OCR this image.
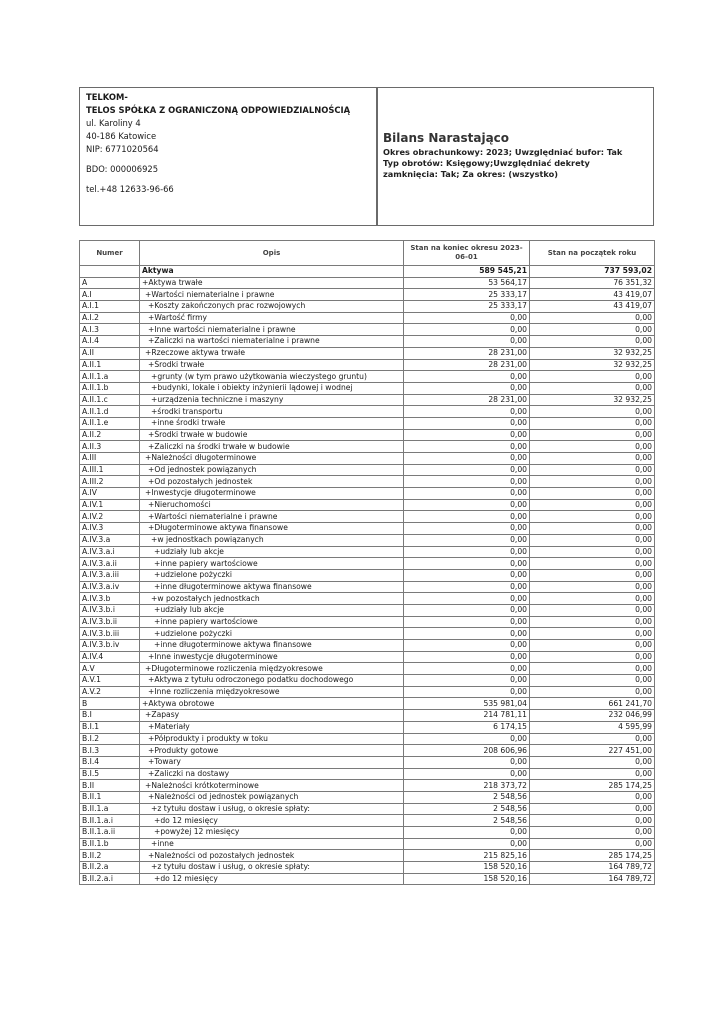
TELKOM-
TELOS SPÓŁKA Z OGRANICZONĄ ODPOWIEDZIALNOŚCIĄ
ul. Karoliny 4
40-186 Katowice
NIP: 6771020564
BDO: 000006925
tel.+48 12633-96-66
Bilans Narastająco
Okres obrachunkowy: 2023; Uwzględniać bufor: Tak
Typ obrotów: Księgowy;Uwzględniać dekrety
zamknięcia: Tak; Za okres: (wszystko)
Numer	Opis	Stan na koniec okresu 2023-06-01	Stan na początek roku
	Aktywa	589 545,21	737 593,02
A	+Aktywa trwałe	53 564,17	76 351,32
A.I	+Wartości niematerialne i prawne	25 333,17	43 419,07
A.I.1	+Koszty zakończonych prac rozwojowych	25 333,17	43 419,07
A.I.2	+Wartość firmy	0,00	0,00
A.I.3	+Inne wartości niematerialne i prawne	0,00	0,00
A.I.4	+Zaliczki na wartości niematerialne i prawne	0,00	0,00
A.II	+Rzeczowe aktywa trwałe	28 231,00	32 932,25
A.II.1	+Środki trwałe	28 231,00	32 932,25
A.II.1.a	+grunty (w tym prawo użytkowania wieczystego gruntu)	0,00	0,00
A.II.1.b	+budynki, lokale i obiekty inżynierii lądowej i wodnej	0,00	0,00
A.II.1.c	+urządzenia techniczne i maszyny	28 231,00	32 932,25
A.II.1.d	+środki transportu	0,00	0,00
A.II.1.e	+inne środki trwałe	0,00	0,00
A.II.2	+Środki trwałe w budowie	0,00	0,00
A.II.3	+Zaliczki na środki trwałe w budowie	0,00	0,00
A.III	+Należności długoterminowe	0,00	0,00
A.III.1	+Od jednostek powiązanych	0,00	0,00
A.III.2	+Od pozostałych jednostek	0,00	0,00
A.IV	+Inwestycje długoterminowe	0,00	0,00
A.IV.1	+Nieruchomości	0,00	0,00
A.IV.2	+Wartości niematerialne i prawne	0,00	0,00
A.IV.3	+Długoterminowe aktywa finansowe	0,00	0,00
A.IV.3.a	+w jednostkach powiązanych	0,00	0,00
A.IV.3.a.i	+udziały lub akcje	0,00	0,00
A.IV.3.a.ii	+inne papiery wartościowe	0,00	0,00
A.IV.3.a.iii	+udzielone pożyczki	0,00	0,00
A.IV.3.a.iv	+inne długoterminowe aktywa finansowe	0,00	0,00
A.IV.3.b	+w pozostałych jednostkach	0,00	0,00
A.IV.3.b.i	+udziały lub akcje	0,00	0,00
A.IV.3.b.ii	+inne papiery wartościowe	0,00	0,00
A.IV.3.b.iii	+udzielone pożyczki	0,00	0,00
A.IV.3.b.iv	+inne długoterminowe aktywa finansowe	0,00	0,00
A.IV.4	+Inne inwestycje długoterminowe	0,00	0,00
A.V	+Długoterminowe rozliczenia międzyokresowe	0,00	0,00
A.V.1	+Aktywa z tytułu odroczonego podatku dochodowego	0,00	0,00
A.V.2	+Inne rozliczenia międzyokresowe	0,00	0,00
B	+Aktywa obrotowe	535 981,04	661 241,70
B.I	+Zapasy	214 781,11	232 046,99
B.I.1	+Materiały	6 174,15	4 595,99
B.I.2	+Półprodukty i produkty w toku	0,00	0,00
B.I.3	+Produkty gotowe	208 606,96	227 451,00
B.I.4	+Towary	0,00	0,00
B.I.5	+Zaliczki na dostawy	0,00	0,00
B.II	+Należności krótkoterminowe	218 373,72	285 174,25
B.II.1	+Należności od jednostek powiązanych	2 548,56	0,00
B.II.1.a	+z tytułu dostaw i usług, o okresie spłaty:	2 548,56	0,00
B.II.1.a.i	+do 12 miesięcy	2 548,56	0,00
B.II.1.a.ii	+powyżej 12 miesięcy	0,00	0,00
B.II.1.b	+inne	0,00	0,00
B.II.2	+Należności od pozostałych jednostek	215 825,16	285 174,25
B.II.2.a	+z tytułu dostaw i usług, o okresie spłaty:	158 520,16	164 789,72
B.II.2.a.i	+do 12 miesięcy	158 520,16	164 789,72
